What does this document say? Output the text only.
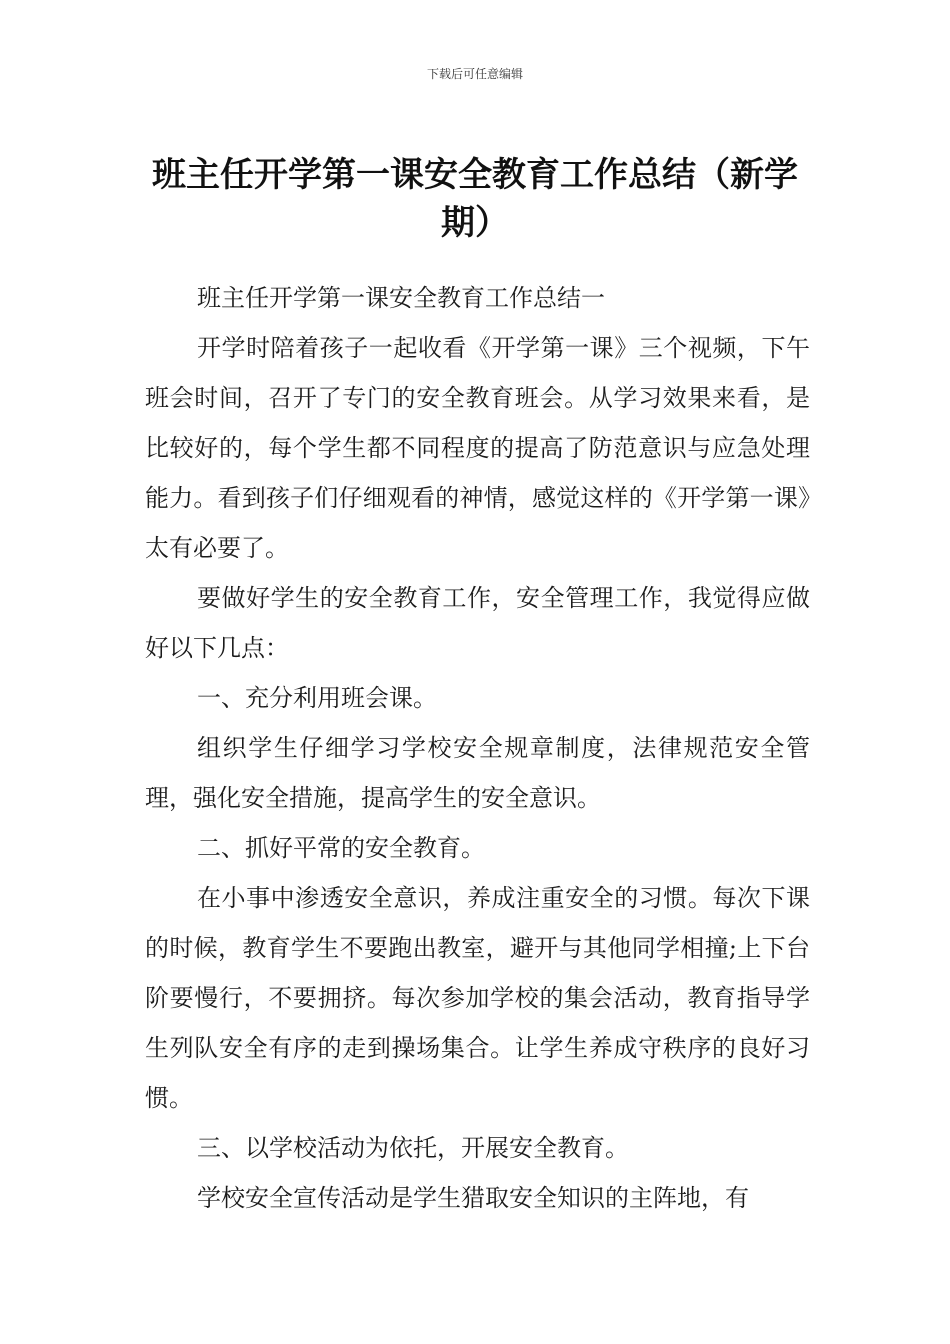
下载后可任意编辑
班主任开学第一课安全教育工作总结（新学期）

班主任开学第一课安全教育工作总结一

开学时陪着孩子一起收看《开学第一课》三个视频，下午班会时间，召开了专门的安全教育班会。从学习效果来看，是比较好的，每个学生都不同程度的提高了防范意识与应急处理能力。看到孩子们仔细观看的神情，感觉这样的《开学第一课》太有必要了。

要做好学生的安全教育工作，安全管理工作，我觉得应做好以下几点：

一、充分利用班会课。

组织学生仔细学习学校安全规章制度，法律规范安全管理，强化安全措施，提高学生的安全意识。

二、抓好平常的安全教育。

在小事中渗透安全意识，养成注重安全的习惯。每次下课的时候，教育学生不要跑出教室，避开与其他同学相撞;上下台阶要慢行，不要拥挤。每次参加学校的集会活动，教育指导学生列队安全有序的走到操场集合。让学生养成守秩序的良好习惯。

三、以学校活动为依托，开展安全教育。

学校安全宣传活动是学生猎取安全知识的主阵地，有
